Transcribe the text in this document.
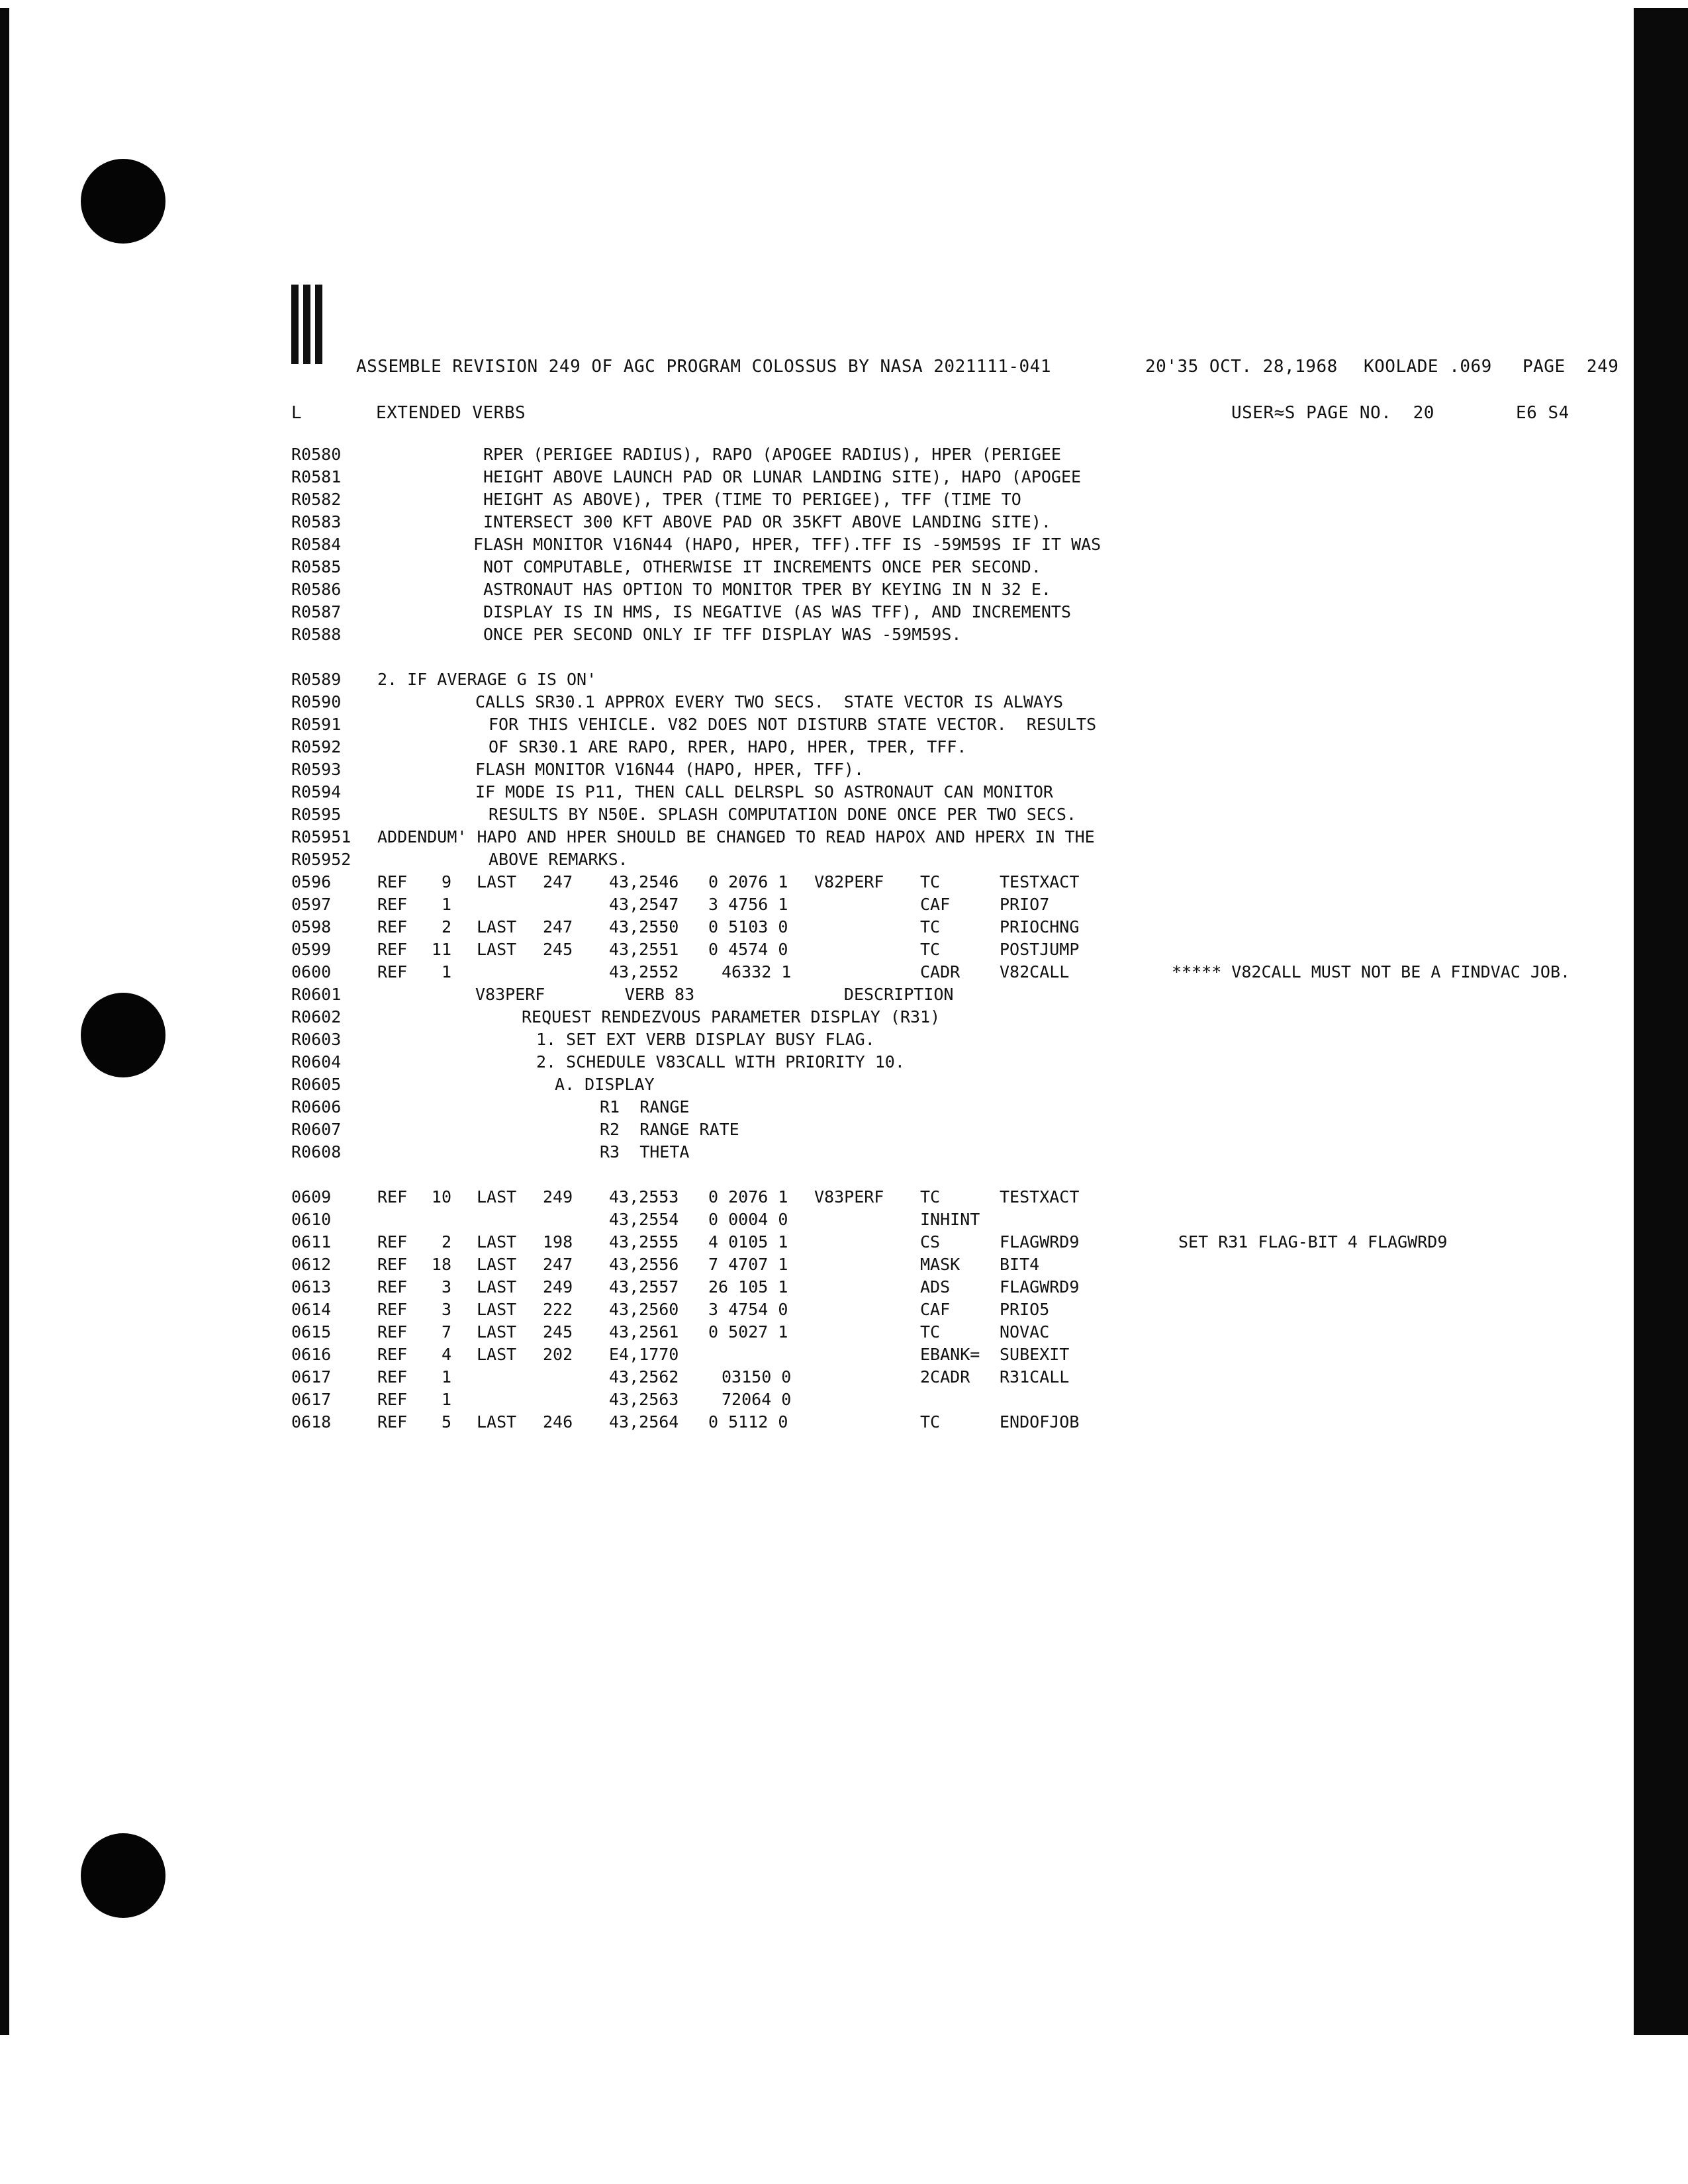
ASSEMBLE REVISION 249 OF AGC PROGRAM COLOSSUS BY NASA 2021111-041	20'35 OCT. 28,1968 KOOLADE .069 PAGE  249
L	EXTENDED VERBS	USER≈S PAGE NO.  20	E6 S4
R0580	RPER (PERIGEE RADIUS), RAPO (APOGEE RADIUS), HPER (PERIGEE
R0581	HEIGHT ABOVE LAUNCH PAD OR LUNAR LANDING SITE), HAPO (APOGEE
R0582	HEIGHT AS ABOVE), TPER (TIME TO PERIGEE), TFF (TIME TO
R0583	INTERSECT 300 KFT ABOVE PAD OR 35KFT ABOVE LANDING SITE).
R0584	FLASH MONITOR V16N44 (HAPO, HPER, TFF).TFF IS -59M59S IF IT WAS
R0585	NOT COMPUTABLE, OTHERWISE IT INCREMENTS ONCE PER SECOND.
R0586	ASTRONAUT HAS OPTION TO MONITOR TPER BY KEYING IN N 32 E.
R0587	DISPLAY IS IN HMS, IS NEGATIVE (AS WAS TFF), AND INCREMENTS
R0588	ONCE PER SECOND ONLY IF TFF DISPLAY WAS -59M59S.
R0589 2. IF AVERAGE G IS ON'
R0590	CALLS SR30.1 APPROX EVERY TWO SECS.  STATE VECTOR IS ALWAYS
R0591	FOR THIS VEHICLE. V82 DOES NOT DISTURB STATE VECTOR.  RESULTS
R0592	OF SR30.1 ARE RAPO, RPER, HAPO, HPER, TPER, TFF.
R0593	FLASH MONITOR V16N44 (HAPO, HPER, TFF).
R0594	IF MODE IS P11, THEN CALL DELRSPL SO ASTRONAUT CAN MONITOR
R0595	RESULTS BY N50E. SPLASH COMPUTATION DONE ONCE PER TWO SECS.
R05951 ADDENDUM' HAPO AND HPER SHOULD BE CHANGED TO READ HAPOX AND HPERX IN THE
R05952	ABOVE REMARKS.
0596	REF	9 LAST 247 43,2546 0 2076 1 V82PERF TC	TESTXACT
0597	REF	1	43,2547 3 4756 1	CAF	PRIO7
0598	REF	2 LAST 247 43,2550 0 5103 0	TC	PRIOCHNG
0599	REF 11 LAST 245 43,2551 0 4574 0	TC	POSTJUMP
0600	REF	1	43,2552	46332 1	CADR V82CALL	***** V82CALL MUST NOT BE A FINDVAC JOB.
R0601	V83PERF        VERB 83               DESCRIPTION
R0602	REQUEST RENDEZVOUS PARAMETER DISPLAY (R31)
R0603	1. SET EXT VERB DISPLAY BUSY FLAG.
R0604	2. SCHEDULE V83CALL WITH PRIORITY 10.
R0605	A. DISPLAY
R0606	R1  RANGE
R0607	R2  RANGE RATE
R0608	R3  THETA
0609	REF 10 LAST 249 43,2553 0 2076 1 V83PERF TC	TESTXACT
0610	43,2554 0 0004 0	INHINT
0611	REF	2 LAST 198 43,2555 4 0105 1	CS	FLAGWRD9	SET R31 FLAG-BIT 4 FLAGWRD9
0612	REF 18 LAST 247 43,2556 7 4707 1	MASK BIT4
0613	REF	3 LAST 249 43,2557 26 105 1	ADS	FLAGWRD9
0614	REF	3 LAST 222 43,2560 3 4754 0	CAF	PRIO5
0615	REF	7 LAST 245 43,2561 0 5027 1	TC	NOVAC
0616	REF	4 LAST 202 E4,1770	EBANK= SUBEXIT
0617	REF	1	43,2562	03150 0	2CADR R31CALL
0617	REF	1	43,2563	72064 0
0618	REF	5 LAST 246 43,2564 0 5112 0	TC	ENDOFJOB
